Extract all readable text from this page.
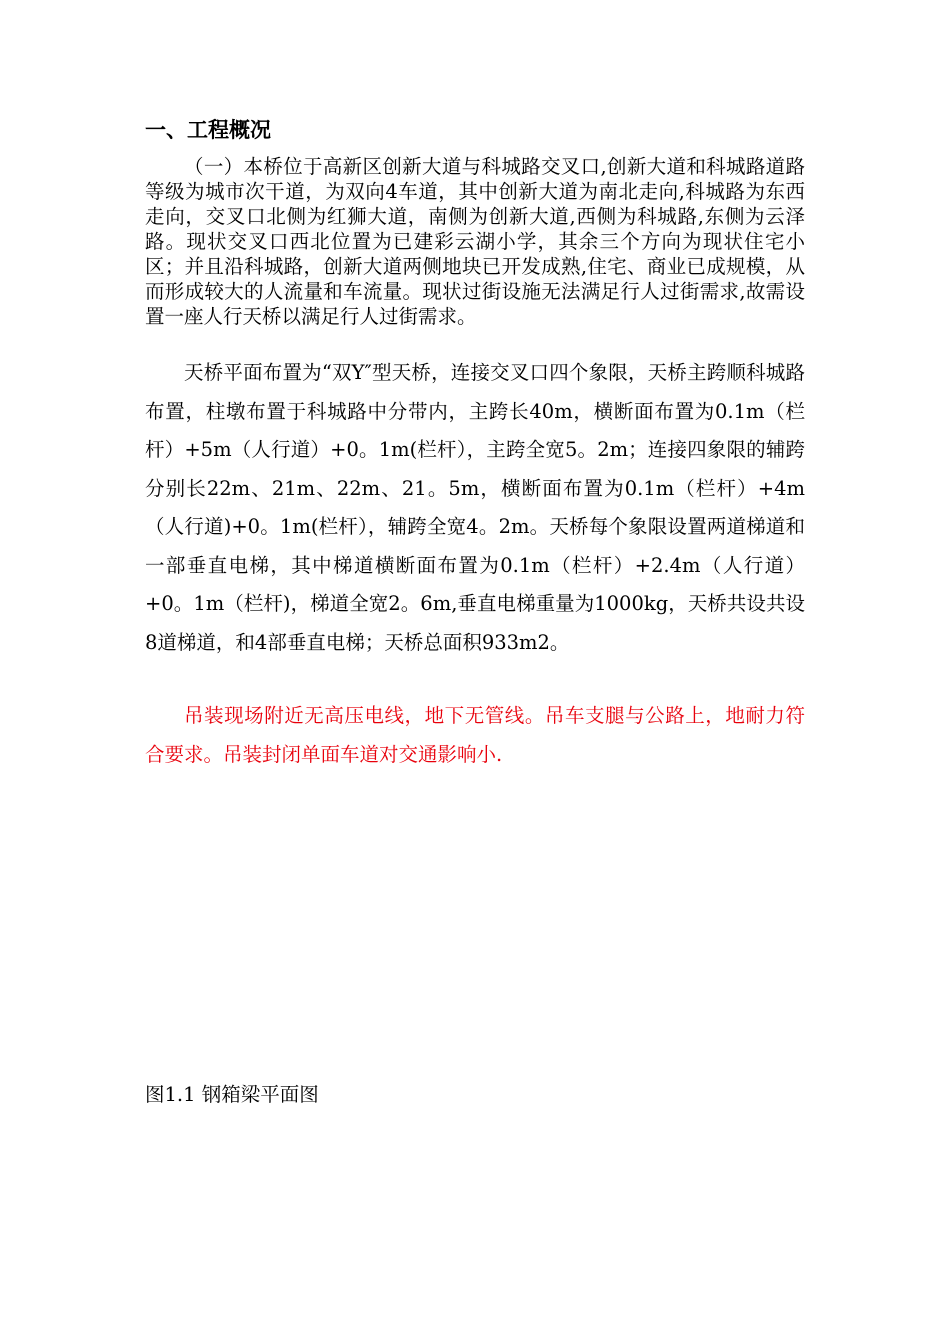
一、工程概况

（一）本桥位于高新区创新大道与科城路交叉口,创新大道和科城路道路等级为城市次干道，为双向4车道，其中创新大道为南北走向,科城路为东西走向，交叉口北侧为红狮大道，南侧为创新大道,西侧为科城路,东侧为云泽路。现状交叉口西北位置为已建彩云湖小学，其余三个方向为现状住宅小区；并且沿科城路，创新大道两侧地块已开发成熟,住宅、商业已成规模，从而形成较大的人流量和车流量。现状过街设施无法满足行人过街需求,故需设置一座人行天桥以满足行人过街需求。

天桥平面布置为“双Y″型天桥，连接交叉口四个象限，天桥主跨顺科城路布置，柱墩布置于科城路中分带内，主跨长40m，横断面布置为0.1m（栏杆）+5m（人行道）+0。1m(栏杆），主跨全宽5。2m；连接四象限的辅跨分别长22m、21m、22m、21。5m，横断面布置为0.1m（栏杆）+4m（人行道)+0。1m(栏杆），辅跨全宽4。2m。天桥每个象限设置两道梯道和一部垂直电梯，其中梯道横断面布置为0.1m（栏杆）+2.4m（人行道）+0。1m（栏杆)，梯道全宽2。6m,垂直电梯重量为1000kg，天桥共设共设8道梯道，和4部垂直电梯；天桥总面积933m2。

吊装现场附近无高压电线，地下无管线。吊车支腿与公路上，地耐力符合要求。吊装封闭单面车道对交通影响小.

图1.1 钢箱梁平面图
